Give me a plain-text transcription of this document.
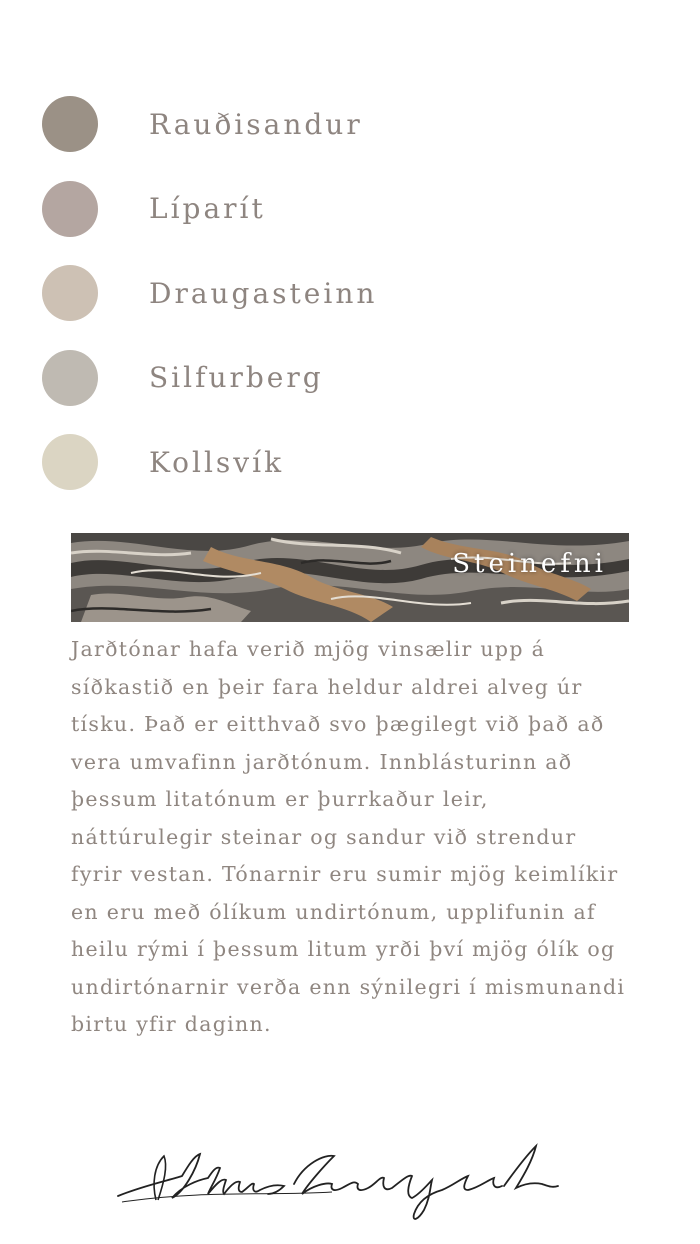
Rauðisandur
Líparít
Draugasteinn
Silfurberg
Kollsvík
Steinefni

Jarðtónar hafa verið mjög vinsælir upp á síðkastið en þeir fara heldur aldrei alveg úr tísku. Það er eitthvað svo þægilegt við það að vera umvafinn jarðtónum. Innblásturinn að þessum litatónum er þurrkaður leir, náttúrulegir steinar og sandur við strendur fyrir vestan. Tónarnir eru sumir mjög keimlíkir en eru með ólíkum undirtónum, upplifunin af heilu rými í þessum litum yrði því mjög ólík og undirtónarnir verða enn sýnilegri í mismunandi birtu yfir daginn.
